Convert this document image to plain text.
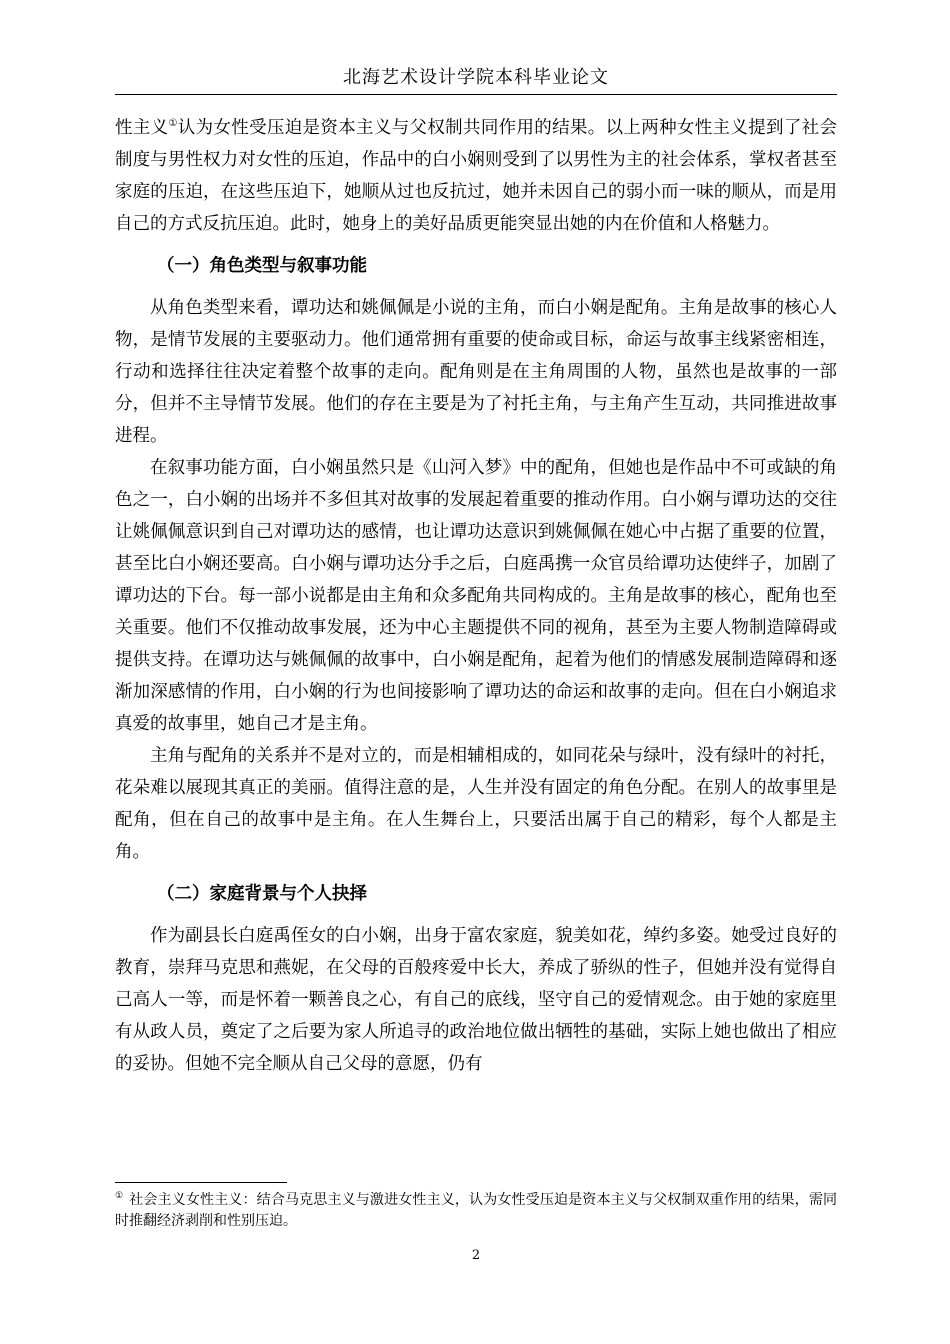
北海艺术设计学院本科毕业论文

性主义①认为女性受压迫是资本主义与父权制共同作用的结果。以上两种女性主义提到了社会制度与男性权力对女性的压迫，作品中的白小娴则受到了以男性为主的社会体系，掌权者甚至家庭的压迫，在这些压迫下，她顺从过也反抗过，她并未因自己的弱小而一味的顺从，而是用自己的方式反抗压迫。此时，她身上的美好品质更能突显出她的内在价值和人格魅力。

（一）角色类型与叙事功能

从角色类型来看，谭功达和姚佩佩是小说的主角，而白小娴是配角。主角是故事的核心人物，是情节发展的主要驱动力。他们通常拥有重要的使命或目标，命运与故事主线紧密相连，行动和选择往往决定着整个故事的走向。配角则是在主角周围的人物，虽然也是故事的一部分，但并不主导情节发展。他们的存在主要是为了衬托主角，与主角产生互动，共同推进故事进程。

在叙事功能方面，白小娴虽然只是《山河入梦》中的配角，但她也是作品中不可或缺的角色之一，白小娴的出场并不多但其对故事的发展起着重要的推动作用。白小娴与谭功达的交往让姚佩佩意识到自己对谭功达的感情，也让谭功达意识到姚佩佩在她心中占据了重要的位置，甚至比白小娴还要高。白小娴与谭功达分手之后，白庭禹携一众官员给谭功达使绊子，加剧了谭功达的下台。每一部小说都是由主角和众多配角共同构成的。主角是故事的核心，配角也至关重要。他们不仅推动故事发展，还为中心主题提供不同的视角，甚至为主要人物制造障碍或提供支持。在谭功达与姚佩佩的故事中，白小娴是配角，起着为他们的情感发展制造障碍和逐渐加深感情的作用，白小娴的行为也间接影响了谭功达的命运和故事的走向。但在白小娴追求真爱的故事里，她自己才是主角。

主角与配角的关系并不是对立的，而是相辅相成的，如同花朵与绿叶，没有绿叶的衬托，花朵难以展现其真正的美丽。值得注意的是，人生并没有固定的角色分配。在别人的故事里是配角，但在自己的故事中是主角。在人生舞台上，只要活出属于自己的精彩，每个人都是主角。

（二）家庭背景与个人抉择

作为副县长白庭禹侄女的白小娴，出身于富农家庭，貌美如花，绰约多姿。她受过良好的教育，崇拜马克思和燕妮，在父母的百般疼爱中长大，养成了骄纵的性子，但她并没有觉得自己高人一等，而是怀着一颗善良之心，有自己的底线，坚守自己的爱情观念。由于她的家庭里有从政人员，奠定了之后要为家人所追寻的政治地位做出牺牲的基础，实际上她也做出了相应的妥协。但她不完全顺从自己父母的意愿，仍有

① 社会主义女性主义：结合马克思主义与激进女性主义，认为女性受压迫是资本主义与父权制双重作用的结果，需同时推翻经济剥削和性别压迫。
2
